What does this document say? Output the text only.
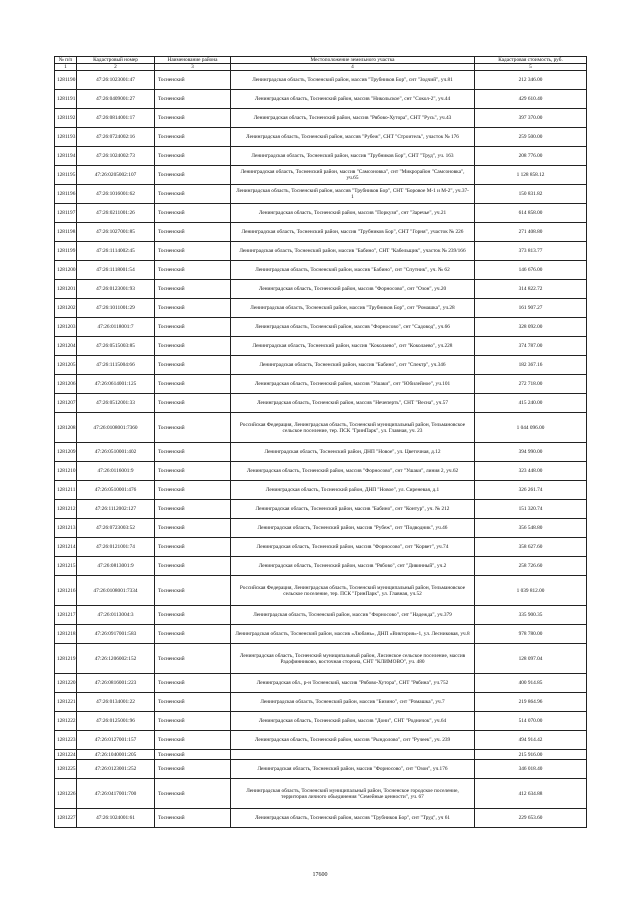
№ п/п	Кадастровый номер	Наименование района	Местоположение земельного участка	Кадастровая стоимость, руб.
1	2	3	4	5
1281190	47:26:1023001:47	Тосненский	Ленинградская область, Тосненский район, массив "Трубников Бор", снт "Зодчий", уч.81	212 346.00
1281191	47:26:0409001:27	Тосненский	Ленинградская область, Тосненский район, массив "Никольское", снт "Сокол-2", уч.44	429 610.40
1281192	47:26:0814001:17	Тосненский	Ленинградская область, Тосненский район, массив "Рябово-Хутора", СНТ "Русь", уч.43	397 370.00
1281193	47:26:0724002:16	Тосненский	Ленинградская область, Тосненский район, массив "Рубеж", СНТ "Строитель", участок № 176	259 500.00
1281194	47:26:1024002:73	Тосненский	Ленинградская область, Тосненский район, массив "Трубников Бор", СНТ "Труд", уч. 163	208 776.00
1281195	47:26:0205002:107	Тосненский	Ленинградская область, Тосненский район, массив "Самсоновка", снт "Микрорайон "Самсоновка", уч.65	1 128 858.12
1281196	47:26:1016001:62	Тосненский	Ленинградская область, Тосненский район, массив "Трубников Бор", СНТ "Боровое М-1 и М-2", уч.37-1	150 831.82
1281197	47:26:0211001:26	Тосненский	Ленинградская область, Тосненский район, массив "Поркузи", снт "Заречье", уч.21	614 858.00
1281198	47:26:1027001:85	Тосненский	Ленинградская область, Тосненский район, массив "Трубников Бор", СНТ "Горня", участок № 226	271 408.80
1281199	47:26:1114002:45	Тосненский	Ленинградская область, Тосненский район, массив "Бабино", СНТ "Кабельщик", участок № 239/166	373 813.77
1281200	47:26:1118001:54	Тосненский	Ленинградская область, Тосненский район, массив "Бабино", снт "Спутник", уч. № 62	146 676.00
1281201	47:26:0123001:93	Тосненский	Ленинградская область, Тосненский район, массив "Форносово", снт "Озон", уч.20	314 822.72
1281202	47:26:1011001:29	Тосненский	Ленинградская область, Тосненский район, массив "Трубников Бор", снт "Ромашка", уч.28	161 907.27
1281203	47:26:0118001:7	Тосненский	Ленинградская область, Тосненский район, массив "Форносово", снт "Садовод", уч.66	328 092.00
1281204	47:26:0515003:85	Тосненский	Ленинградская область, Тосненский район, массив "Коколаево", снт "Коколаево", уч.228	374 787.00
1281205	47:26:1115004:66	Тосненский	Ленинградская область, Тосненский район, массив "Бабино", снт "Спектр", уч.346	182 367.16
1281206	47:26:0614001:125	Тосненский	Ленинградская область, Тосненский район, массив "Ушаки", снт "Юбилейное", уч.101	272 718.00
1281207	47:26:0512001:33	Тосненский	Ленинградская область, Тосненский район, массив "Нечеперть", СНТ "Весна", уч.57	415 240.00
1281208	47:26:0108001:7360	Тосненский	Российская Федерация, Ленинградская область, Тосненский муниципальный район, Тельмановское сельское поселение, тер. ПСК "ГринПарк", ул. Главная, уч. 23	1 044 096.00
1281209	47:26:0510001:402	Тосненский	Ленинградская область, Тосненский район, ДНП "Новое", ул. Цветочная, д.12	394 990.00
1281210	47:26:0116001:9	Тосненский	Ленинградская область, Тосненский район, массив "Форносово", снт "Ушаки", линия 2, уч.62	323 448.00
1281211	47:26:0510001:476	Тосненский	Ленинградская область, Тосненский район, ДНП "Новое", ул. Сиреневая, д.1	326 261.74
1281212	47:26:1112002:127	Тосненский	Ленинградская область, Тосненский район, массив "Бабино", снт "Контур", уч. № 212	151 320.74
1281213	47:26:0723003:52	Тосненский	Ленинградская область, Тосненский район, массив "Рубеж", снт "Подводник", уч.46	356 548.80
1281214	47:26:0121001:74	Тосненский	Ленинградская область, Тосненский район, массив "Форносово", снт "Корвет", уч.74	358 627.60
1281215	47:26:0813001:9	Тосненский	Ленинградская область, Тосненский район, массив "Рябово", снт "Дивинный", уч.2	258 726.60
1281216	47:26:0108001:7334	Тосненский	Российская Федерация, Ленинградская область, Тосненский муниципальный район, Тельмановское сельское поселение, тер. ПСК "ГринПарк", ул. Главная, уч.52	1 039 812.00
1281217	47:26:0113004:3	Тосненский	Ленинградская область, Тосненский район, массив "Форносово", снт "Надежда", уч.379	335 900.35
1281218	47:26:0917001:583	Тосненский	Ленинградская область, Тосненский район, массив «Любань», ДНП «Виктория»-1, ул. Лесниковая, уч.8	978 780.00
1281219	47:26:1206002:152	Тосненский	Ленинградская область, Тосненский муниципальный район, Лисинское сельское поселение, массив Радофинниково, восточная сторона, СНТ "КЛИМОВО", уч. 480	128 097.04
1281220	47:26:0816001:223	Тосненский	Ленинградская обл., р-н Тосненский, массив "Рябово-Хутора", СНТ "Рябина", уч.752	400 914.85
1281221	47:26:0134001:22	Тосненский	Ленинградская область, Тосненский район, массив "Бизино", снт "Ромашка", уч.7	219 864.96
1281222	47:26:0125001:96	Тосненский	Ленинградская область, Тосненский район, массив "Дони", СНТ "Родничок", уч.64	514 070.00
1281223	47:26:0127001:157	Тосненский	Ленинградская область, Тосненский район, массив "Рындолово", снт "Ручеек", уч. 239	494 914.42
1281224	47:26:1040001:205	Тосненский		215 916.00
1281225	47:26:0123001:252	Тосненский	Ленинградская область, Тосненский район, массив "Форносово", снт "Озон", уч.176	346 018.40
1281226	47:26:0417001:700	Тосненский	Ленинградская область, Тосненский муниципальный район, Тосненское городское поселение, территория личного обьединения "Семейные ценности", уч. 67	412 634.88
1281227	47:26:1024001:61	Тосненский	Ленинградская область, Тосненский район, массив "Трубников Бор", снт "Труд", уч 61	229 653.60
17600
